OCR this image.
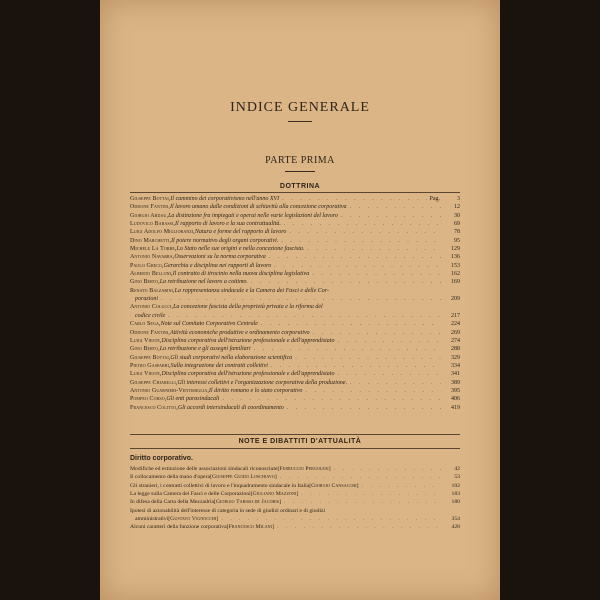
INDICE GENERALE
PARTE PRIMA
DOTTRINA
Giuseppe Bottai, Il cammino dei corporativismo nell'anno XVI . . .	Pag.	3
Oddone Fantini, Il lavoro umano dalle condizioni di schiavitù alla concezione corporativa . . .	12
Giorgio Ardau, La distinzione fra impiegati e operai nelle varie legislazioni del lavoro . . .	30
Ludovico Barassi, Il rapporto di lavoro e la sua contrattualità. . . .	69
Luigi Adolfo Miglioranzi, Natura e forme del rapporto di lavoro . . .	78
Dino Marchetti, Il potere normativo degli organi corporativi. . . .	95
Michele La Torre, Lo Stato nelle sue origini e nella concezione fascista. . . .	129
Antonio Navarra, Osservazioni su la norma corporativa . . .	136
Paolo Greco, Gerarchia e disciplina nei rapporti di lavoro . . .	153
Alberto Belloni, Il contratto di tirocinio nella nuova disciplina legislativa . . .	162
Gino Berto, La retribuzione nel lavoro a cottimo. . . .	169
Renato Balzarini, La rappresentanza sindacale e la Camera dei Fasci e delle Cor-
porazioni . . .	209
Antonio Colucci, La concezione fascista della proprietà privata e la riforma del
codice civile . . .	217
Carlo Sega, Note sul Comitato Corporativo Centrale . . .	224
Oddone Fantini, Attività economiche produttive e ordinamento corporativo . . .	269
Luigi Vieste, Disciplina corporativa dell'istruzione professionale e dell'apprendistato . . .	274
Gino Berto, La retribuzione e gli assegni familiari . . .	288
Giuseppe Bottai, Gli studi corporativi nella elaborazione scientifica . . .	329
Pietro Gasparri, Sulla integrazione dei contratti collettivi . . .	334
Luigi Vieste, Disciplina corporativa dell'istruzione professionale e dell'apprendistato . . .	341
Giuseppe Chiarelli, Gli interessi collettivi e l'organizzazione corporativa della produzione. . . .	389
Antonio Guarnieri-Ventimiglia, Il diritto romano e lo stato corporativo . . .	395
Pompeo Corso, Gli enti parasindacali . . .	406
Francesco Colitto, Gli accordi intersindacali di coordinamento . . .	419
NOTE E DIBATTITI D'ATTUALITÀ
Diritto corporativo.
Modifiche ed estinzione delle associazioni sindacali riconosciute [Ferruccio Pergolesi] . . .	42
Il collocamento della mano d'opera [Giuseppe Guido Loschiavo] . . .	53
Gli stranieri, i contratti collettivi di lavoro e l'inquadramento sindacale in Italia [Giorgio Cansacchi] . . .	102
La legge sulla Camera dei Fasci e delle Corporazioni [Giuliano Mazzoni] . . .	183
In difesa della Carta della Mezzadria [Giorgio Tarissi de Jacobis] . . .	180
Ipotesi di azionabilità dell'interesse di categoria in sede di giudizi ordinari e di giudizi
amministrativi [Gustavo Vignocchi] . . .	354
Alcuni caratteri della funzione corporativa [Francesco Milani] . . .	428
